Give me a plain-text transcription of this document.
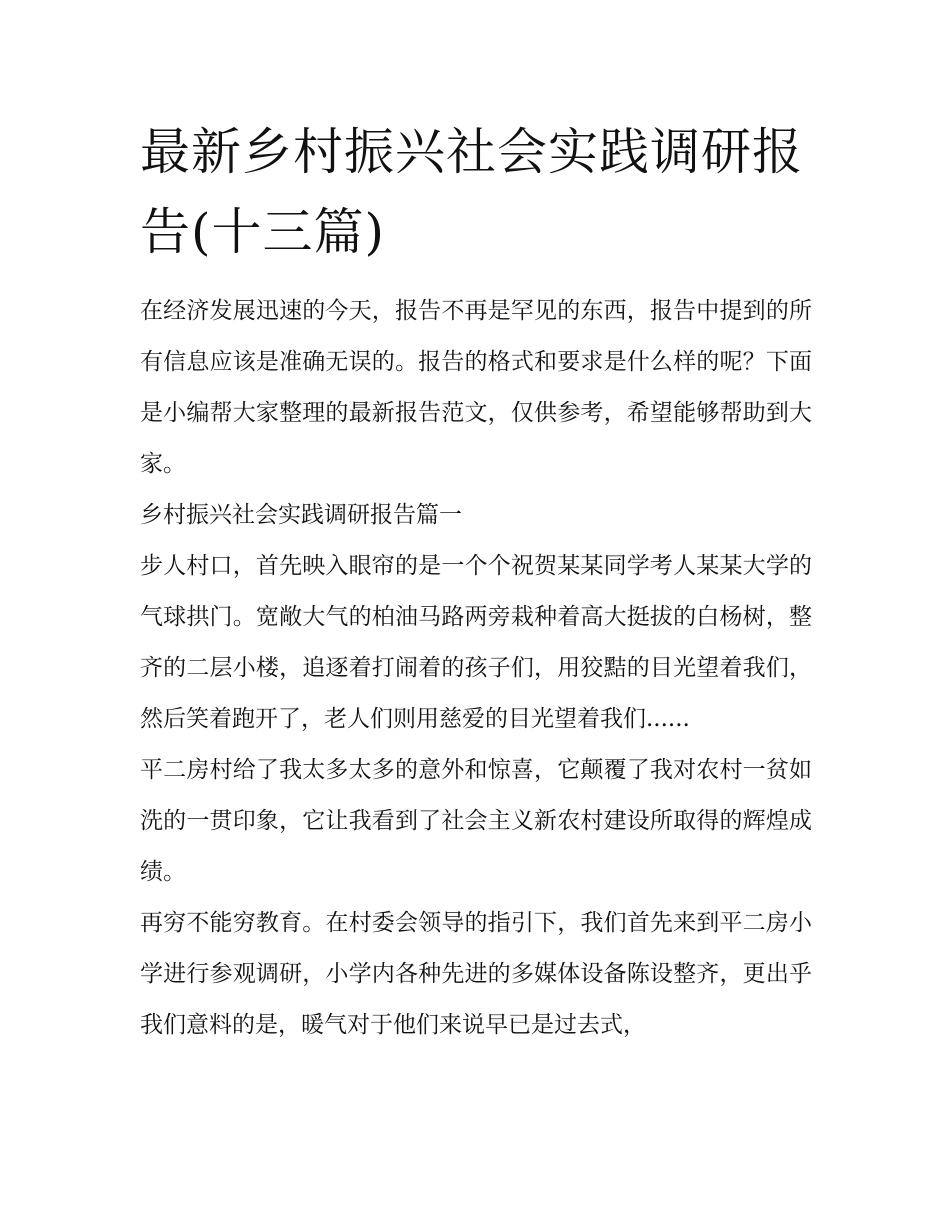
最新乡村振兴社会实践调研报告(十三篇)

在经济发展迅速的今天，报告不再是罕见的东西，报告中提到的所有信息应该是准确无误的。报告的格式和要求是什么样的呢？下面是小编帮大家整理的最新报告范文，仅供参考，希望能够帮助到大家。

乡村振兴社会实践调研报告篇一

步人村口，首先映入眼帘的是一个个祝贺某某同学考人某某大学的气球拱门。宽敞大气的柏油马路两旁栽种着高大挺拔的白杨树，整齐的二层小楼，追逐着打闹着的孩子们，用狡黠的目光望着我们，然后笑着跑开了，老人们则用慈爱的目光望着我们......

平二房村给了我太多太多的意外和惊喜，它颠覆了我对农村一贫如洗的一贯印象，它让我看到了社会主义新农村建设所取得的辉煌成绩。

再穷不能穷教育。在村委会领导的指引下，我们首先来到平二房小学进行参观调研，小学内各种先进的多媒体设备陈设整齐，更出乎我们意料的是，暖气对于他们来说早已是过去式，
